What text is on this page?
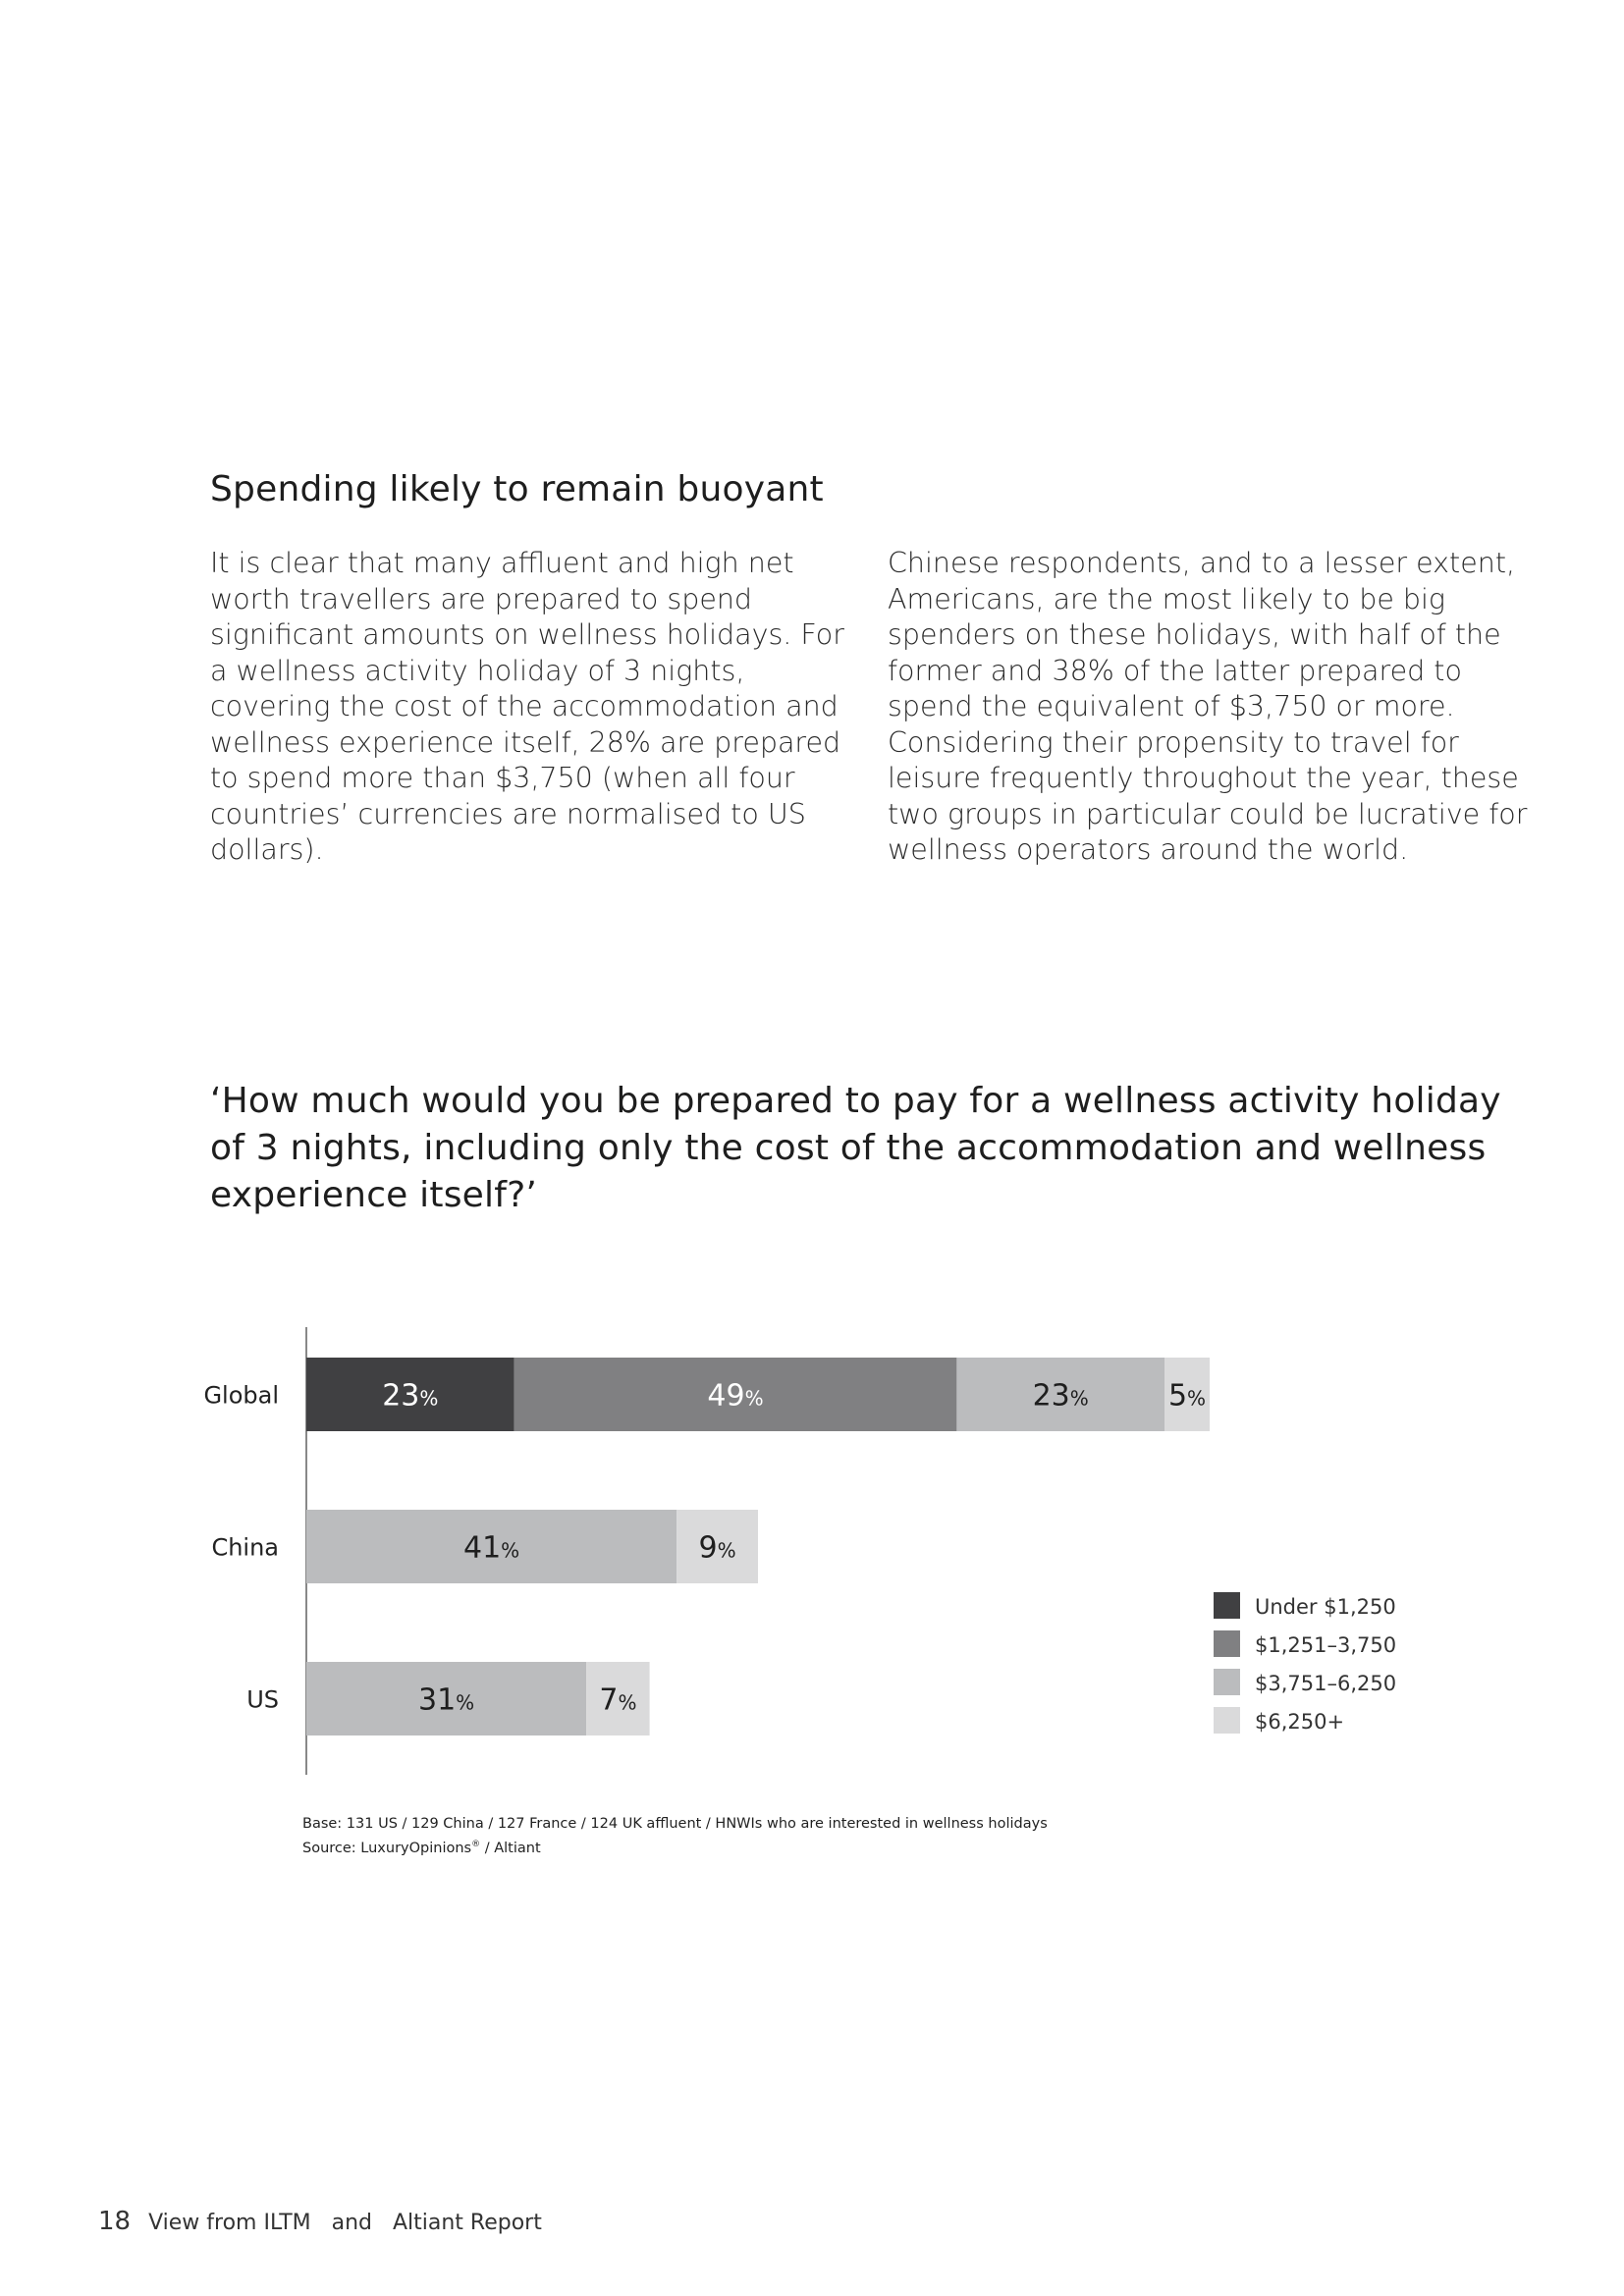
Spending likely to remain buoyant

It is clear that many affluent and high net worth travellers are prepared to spend significant amounts on wellness holidays. For a wellness activity holiday of 3 nights, covering the cost of the accommodation and wellness experience itself, 28% are prepared to spend more than $3,750 (when all four countries’ currencies are normalised to US dollars).

Chinese respondents, and to a lesser extent, Americans, are the most likely to be big spenders on these holidays, with half of the former and 38% of the latter prepared to spend the equivalent of $3,750 or more. Considering their propensity to travel for leisure frequently throughout the year, these two groups in particular could be lucrative for wellness operators around the world.

‘How much would you be prepared to pay for a wellness activity holiday of 3 nights, including only the cost of the accommodation and wellness experience itself?’
Global	23%	49%	23%	5%
China	41%	9%
US	31%	7%
Under $1,250
$1,251–3,750
$3,751–6,250
$6,250+
Base: 131 US / 129 China / 127 France / 124 UK affluent / HNWIs who are interested in wellness holidays
Source: LuxuryOpinions® / Altiant
18 View from ILTM   and   Altiant Report
